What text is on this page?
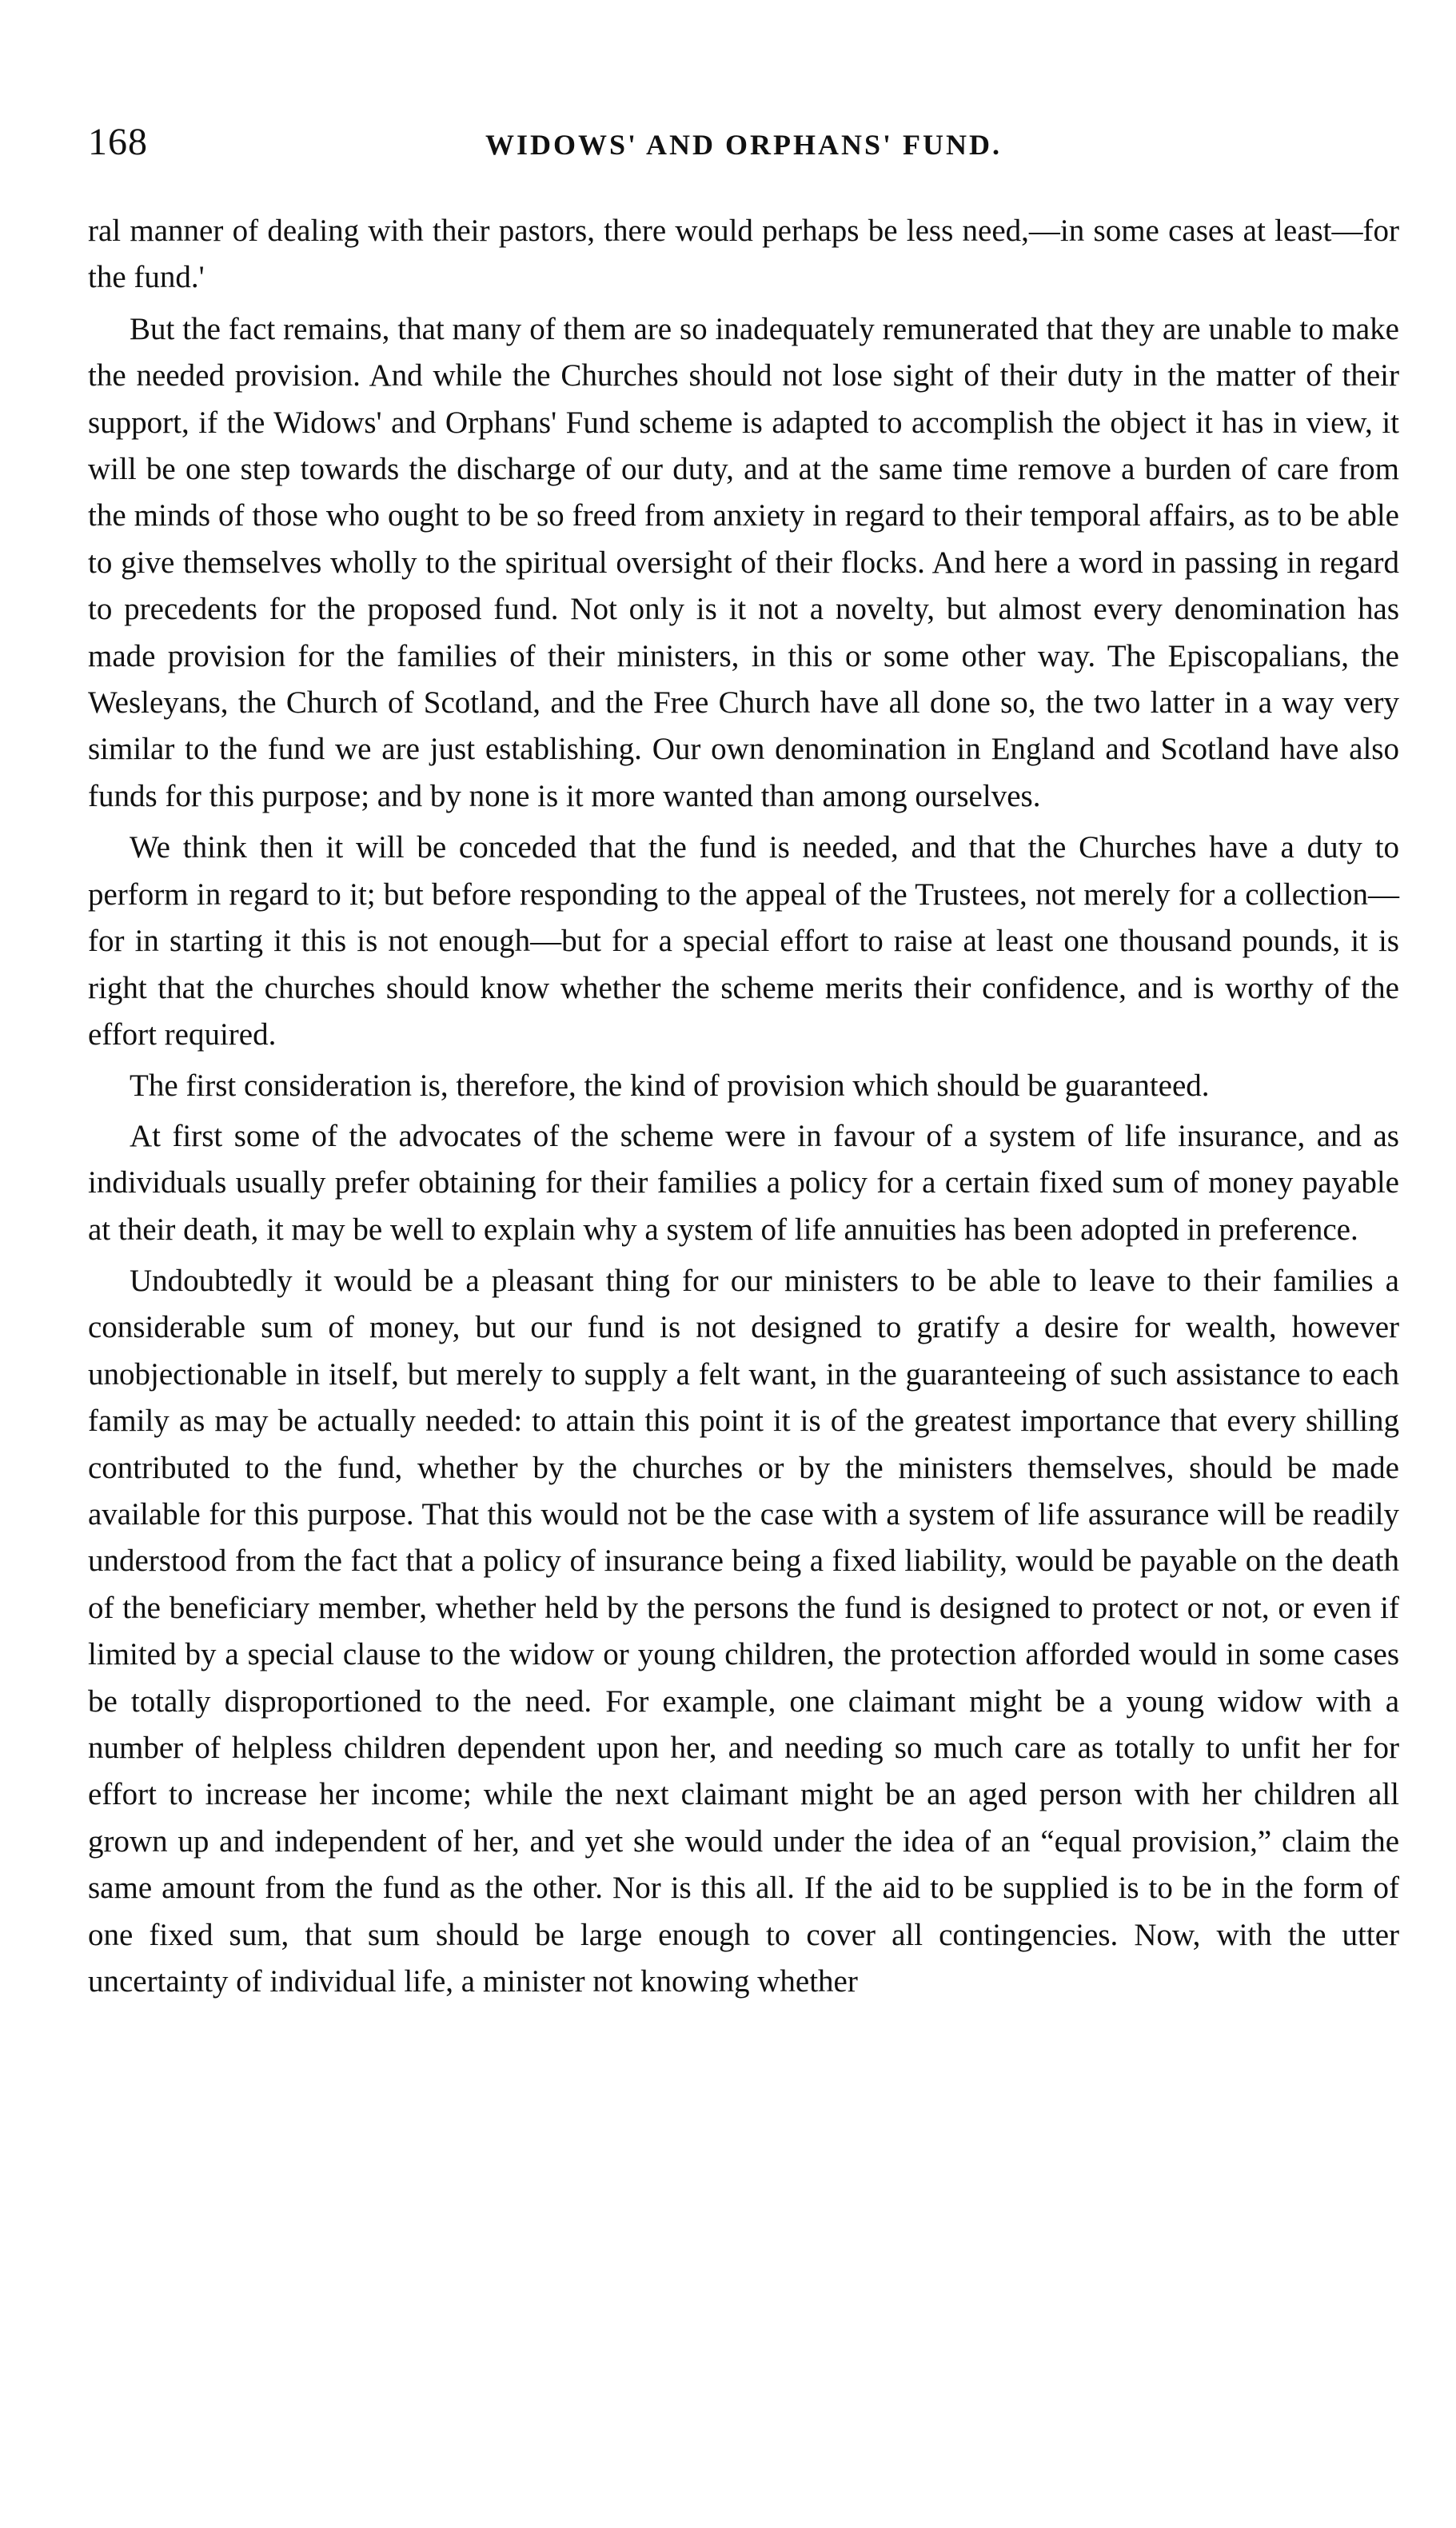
168	WIDOWS' AND ORPHANS' FUND.

ral manner of dealing with their pastors, there would perhaps be less need,—in some cases at least—for the fund.'

But the fact remains, that many of them are so inadequately remunerated that they are unable to make the needed provision. And while the Churches should not lose sight of their duty in the matter of their support, if the Widows' and Orphans' Fund scheme is adapted to accomplish the object it has in view, it will be one step towards the discharge of our duty, and at the same time remove a burden of care from the minds of those who ought to be so freed from anxiety in regard to their temporal affairs, as to be able to give themselves wholly to the spiritual oversight of their flocks. And here a word in passing in regard to precedents for the proposed fund. Not only is it not a novelty, but almost every denomination has made provision for the families of their ministers, in this or some other way. The Episcopalians, the Wesleyans, the Church of Scotland, and the Free Church have all done so, the two latter in a way very similar to the fund we are just establishing. Our own denomination in England and Scotland have also funds for this purpose; and by none is it more wanted than among ourselves.

We think then it will be conceded that the fund is needed, and that the Churches have a duty to perform in regard to it; but before responding to the appeal of the Trustees, not merely for a collection—for in starting it this is not enough—but for a special effort to raise at least one thousand pounds, it is right that the churches should know whether the scheme merits their confidence, and is worthy of the effort required.

The first consideration is, therefore, the kind of provision which should be guaranteed.

At first some of the advocates of the scheme were in favour of a system of life insurance, and as individuals usually prefer obtaining for their families a policy for a certain fixed sum of money payable at their death, it may be well to explain why a system of life annuities has been adopted in preference.

Undoubtedly it would be a pleasant thing for our ministers to be able to leave to their families a considerable sum of money, but our fund is not designed to gratify a desire for wealth, however unobjectionable in itself, but merely to supply a felt want, in the guaranteeing of such assistance to each family as may be actually needed: to attain this point it is of the greatest importance that every shilling contributed to the fund, whether by the churches or by the ministers themselves, should be made available for this purpose. That this would not be the case with a system of life assurance will be readily understood from the fact that a policy of insurance being a fixed liability, would be payable on the death of the beneficiary member, whether held by the persons the fund is designed to protect or not, or even if limited by a special clause to the widow or young children, the protection afforded would in some cases be totally disproportioned to the need. For example, one claimant might be a young widow with a number of helpless children dependent upon her, and needing so much care as totally to unfit her for effort to increase her income; while the next claimant might be an aged person with her children all grown up and independent of her, and yet she would under the idea of an “equal provision,” claim the same amount from the fund as the other. Nor is this all. If the aid to be supplied is to be in the form of one fixed sum, that sum should be large enough to cover all contingencies. Now, with the utter uncertainty of individual life, a minister not knowing whether
